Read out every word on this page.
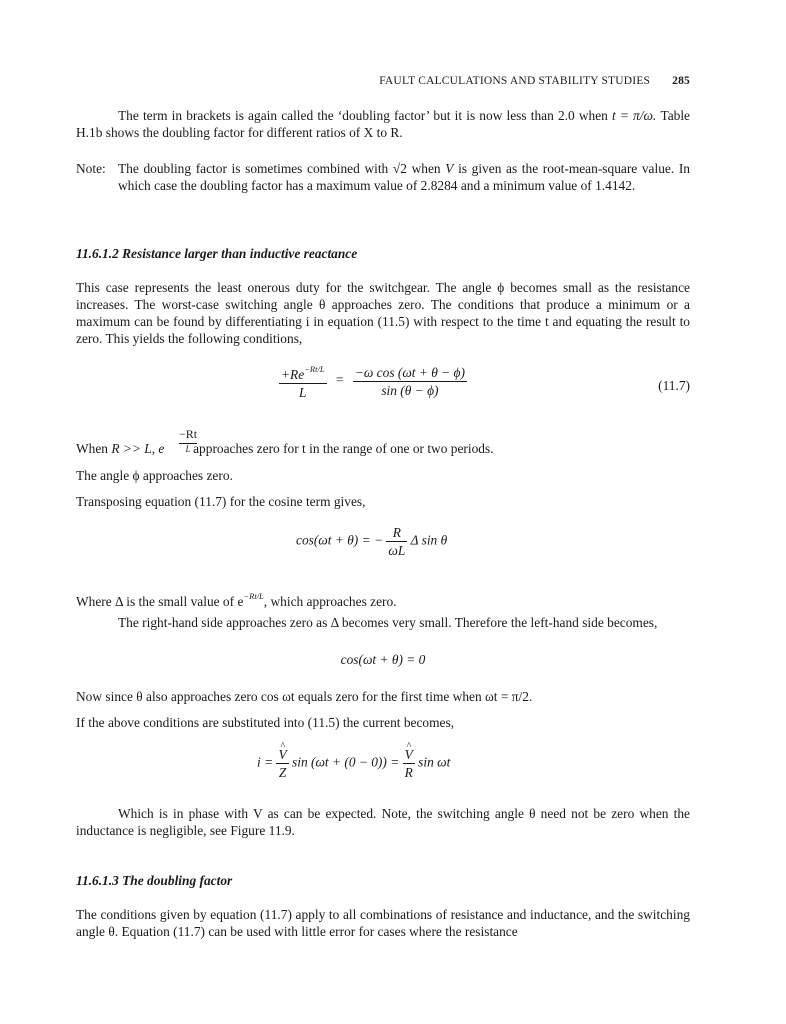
FAULT CALCULATIONS AND STABILITY STUDIES 285

The term in brackets is again called the ‘doubling factor’ but it is now less than 2.0 when t = π/ω. Table H.1b shows the doubling factor for different ratios of X to R.

Note: The doubling factor is sometimes combined with √2 when V is given as the root-mean-square value. In which case the doubling factor has a maximum value of 2.8284 and a minimum value of 1.4142.

11.6.1.2 Resistance larger than inductive reactance

This case represents the least onerous duty for the switchgear. The angle ϕ becomes small as the resistance increases. The worst-case switching angle θ approaches zero. The conditions that produce a minimum or a maximum can be found by differentiating i in equation (11.5) with respect to the time t and equating the result to zero. This yields the following conditions,

$\frac{+Re^{-Rt/L}}{L} = \frac{\text{−ω cos (ωt + θ − ϕ)}}{\sin (\theta - \phi)}$	(11.7)
−Rt
L
When R >> L, e approaches zero for t in the range of one or two periods.

The angle ϕ approaches zero.

Transposing equation (11.7) for the cosine term gives,

cos(ωt + θ) = − $\frac{R}{\omega L}$ Δ sin θ

Where Δ is the small value of $e^{-Rt/L}$, which approaches zero.

The right-hand side approaches zero as Δ becomes very small. Therefore the left-hand side becomes,

cos(ωt + θ) = 0

Now since θ also approaches zero cos ωt equals zero for the first time when ωt = π/2.

If the above conditions are substituted into (11.5) the current becomes,

i = ^ $\frac{V}{Z}$ sin (ωt + (0 − 0)) = ^ $\frac{V}{R}$ sin ωt

Which is in phase with V as can be expected. Note, the switching angle θ need not be zero when the inductance is negligible, see Figure 11.9.

11.6.1.3 The doubling factor

The conditions given by equation (11.7) apply to all combinations of resistance and inductance, and the switching angle θ. Equation (11.7) can be used with little error for cases where the resistance
